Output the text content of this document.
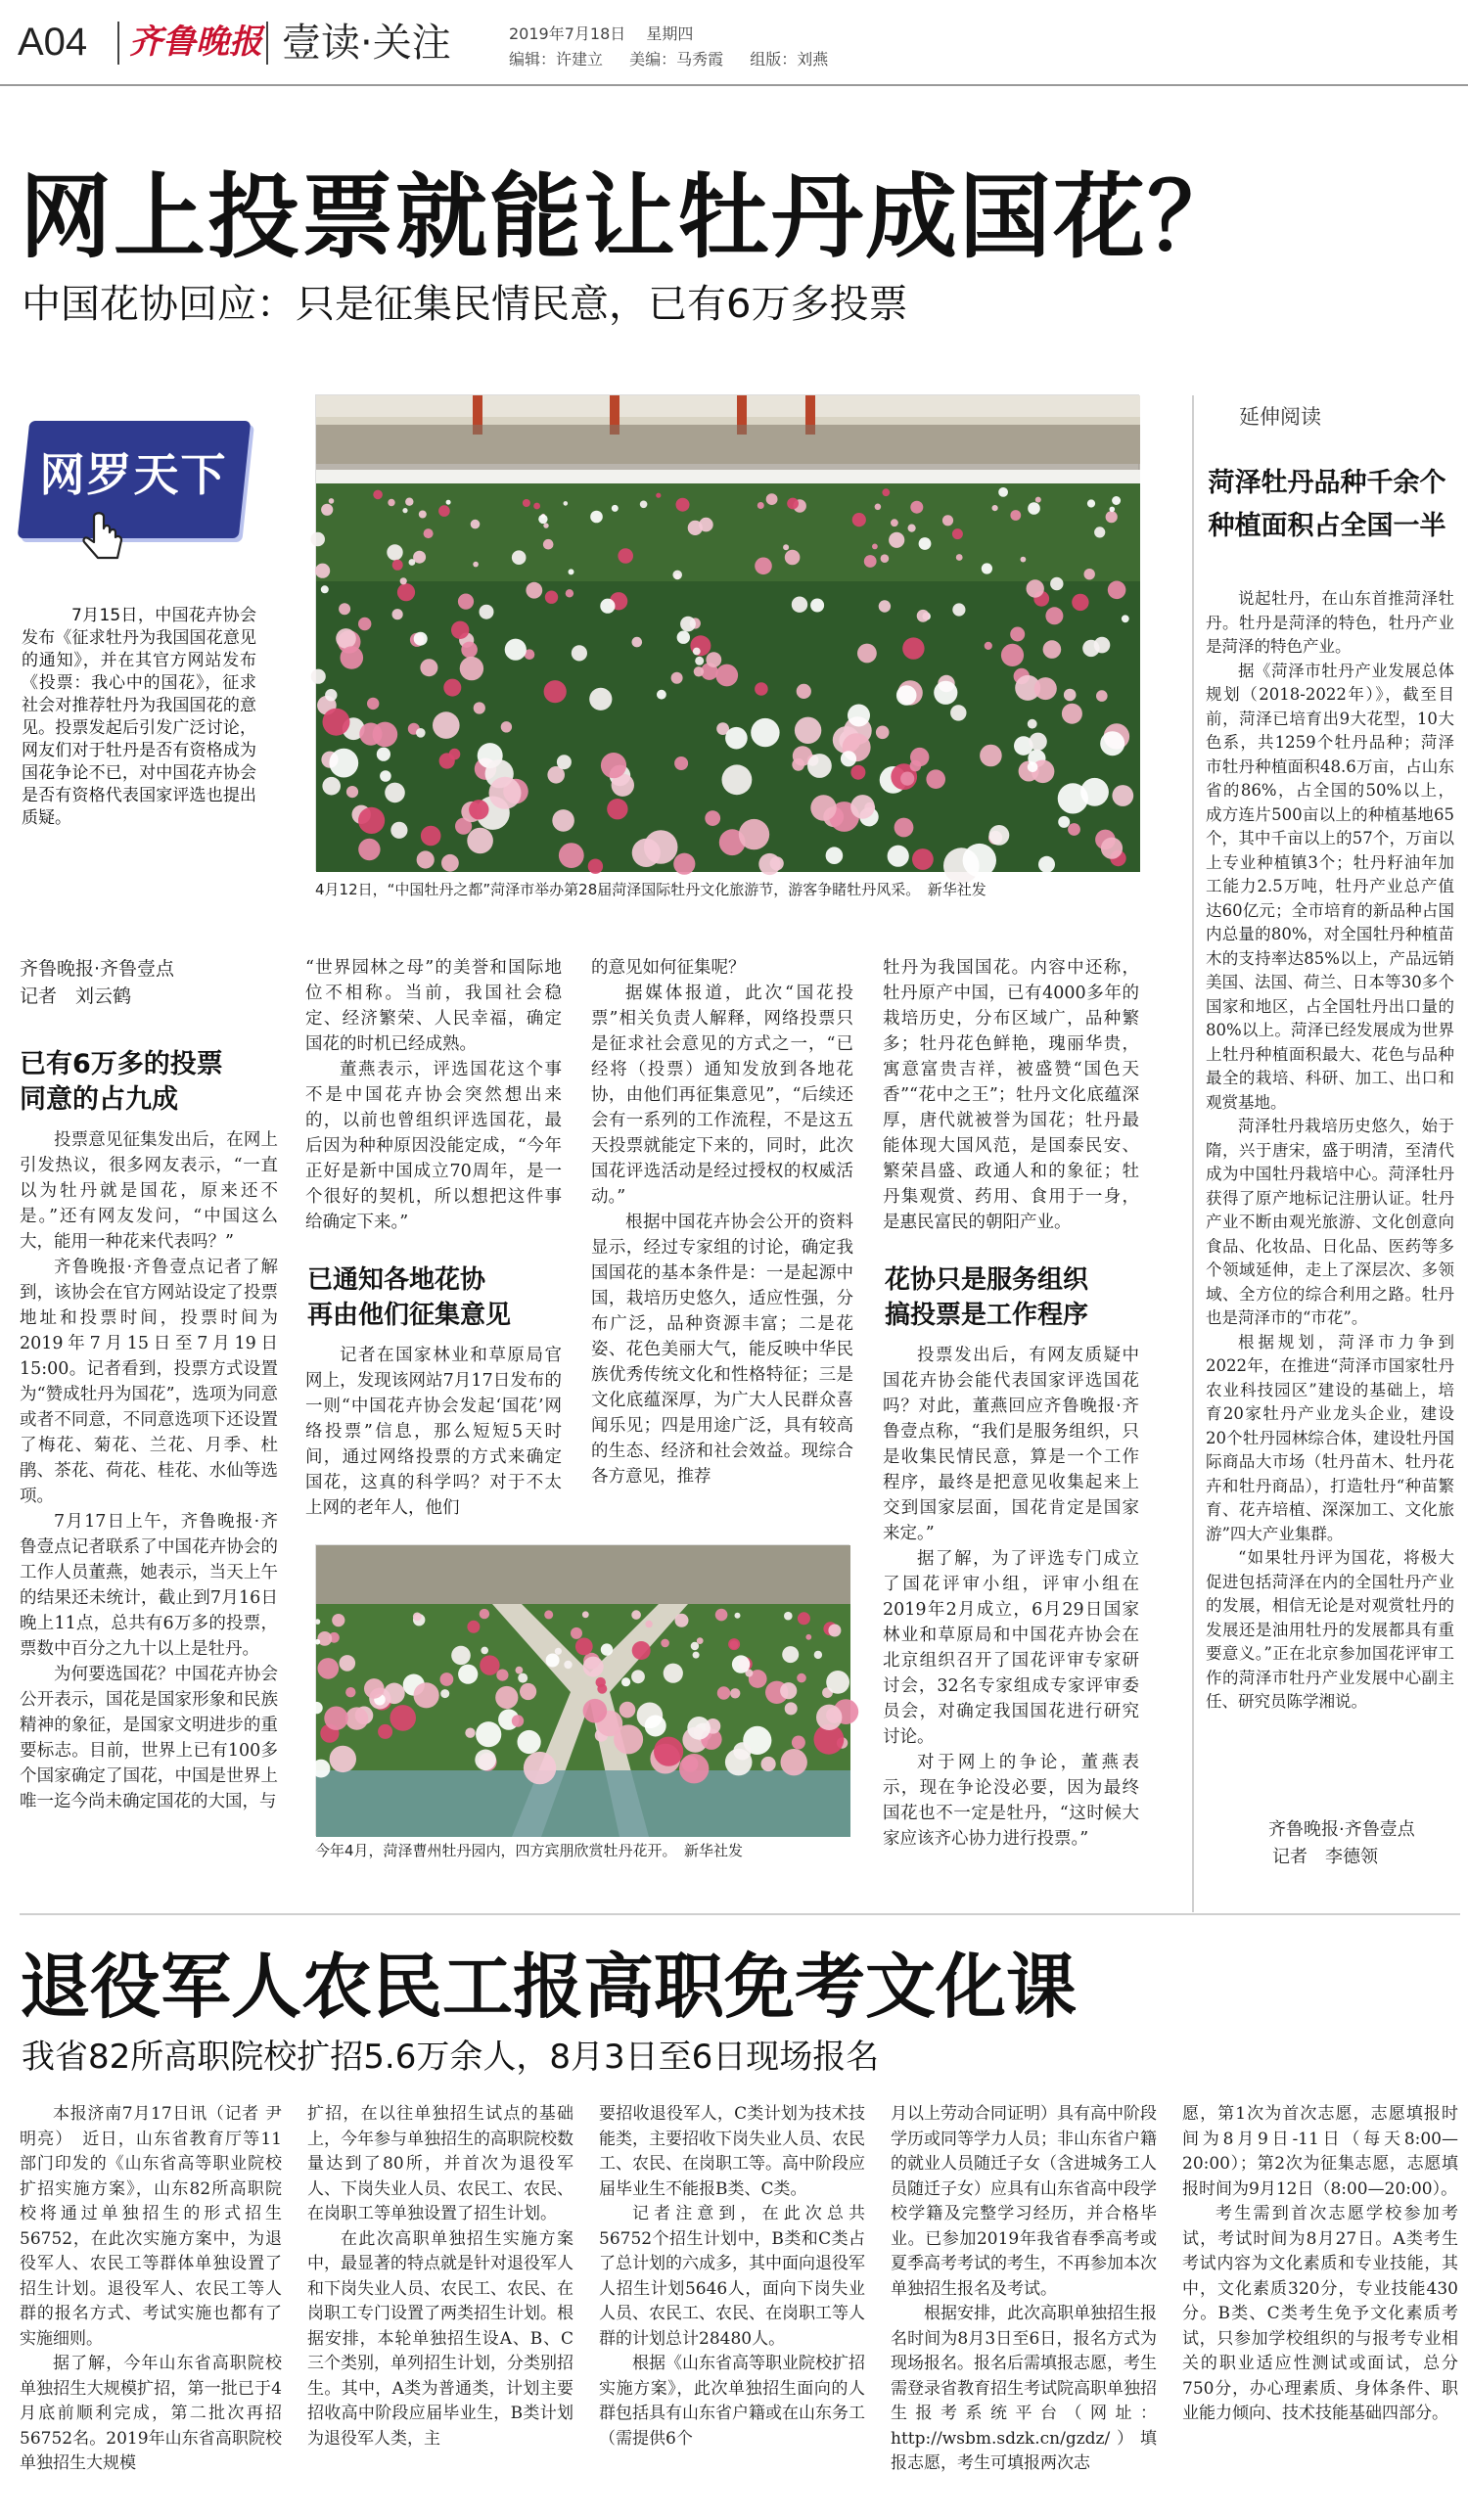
A04 齐鲁晚报 壹读·关注	2019年7月18日 星期四
编辑：许建立 美编：马秀霞 组版：刘燕
网上投票就能让牡丹成国花？
中国花协回应：只是征集民情民意，已有6万多投票
网罗天下
7月15日，中国花卉协会发布《征求牡丹为我国国花意见的通知》，并在其官方网站发布《投票：我心中的国花》，征求社会对推荐牡丹为我国国花的意见。投票发起后引发广泛讨论，网友们对于牡丹是否有资格成为国花争论不已，对中国花卉协会是否有资格代表国家评选也提出质疑。
4月12日，“中国牡丹之都”菏泽市举办第28届菏泽国际牡丹文化旅游节，游客争睹牡丹风采。　新华社发
延伸阅读
菏泽牡丹品种千余个
种植面积占全国一半

说起牡丹，在山东首推菏泽牡丹。牡丹是菏泽的特色，牡丹产业是菏泽的特色产业。

据《菏泽市牡丹产业发展总体规划（2018-2022年）》，截至目前，菏泽已培育出9大花型，10大色系，共1259个牡丹品种；菏泽市牡丹种植面积48.6万亩，占山东省的86%，占全国的50%以上，成方连片500亩以上的种植基地65个，其中千亩以上的57个，万亩以上专业种植镇3个；牡丹籽油年加工能力2.5万吨，牡丹产业总产值达60亿元；全市培育的新品种占国内总量的80%，对全国牡丹种植苗木的支持率达85%以上，产品远销美国、法国、荷兰、日本等30多个国家和地区，占全国牡丹出口量的80%以上。菏泽已经发展成为世界上牡丹种植面积最大、花色与品种最全的栽培、科研、加工、出口和观赏基地。

菏泽牡丹栽培历史悠久，始于隋，兴于唐宋，盛于明清，至清代成为中国牡丹栽培中心。菏泽牡丹获得了原产地标记注册认证。牡丹产业不断由观光旅游、文化创意向食品、化妆品、日化品、医药等多个领域延伸，走上了深层次、多领域、全方位的综合利用之路。牡丹也是菏泽市的“市花”。

根据规划，菏泽市力争到2022年，在推进“菏泽市国家牡丹农业科技园区”建设的基础上，培育20家牡丹产业龙头企业，建设20个牡丹园林综合体，建设牡丹国际商品大市场（牡丹苗木、牡丹花卉和牡丹商品），打造牡丹“种苗繁育、花卉培植、深深加工、文化旅游”四大产业集群。

“如果牡丹评为国花，将极大促进包括菏泽在内的全国牡丹产业的发展，相信无论是对观赏牡丹的发展还是油用牡丹的发展都具有重要意义。”正在北京参加国花评审工作的菏泽市牡丹产业发展中心副主任、研究员陈学湘说。

齐鲁晚报·齐鲁壹点
记者　李德领
齐鲁晚报·齐鲁壹点
记者　刘云鹤
已有6万多的投票
同意的占九成

投票意见征集发出后，在网上引发热议，很多网友表示，“一直以为牡丹就是国花，原来还不是。”还有网友发问，“中国这么大，能用一种花来代表吗？”

齐鲁晚报·齐鲁壹点记者了解到，该协会在官方网站设定了投票地址和投票时间，投票时间为2019年7月15日至7月19日15:00。记者看到，投票方式设置为“赞成牡丹为国花”，选项为同意或者不同意，不同意选项下还设置了梅花、菊花、兰花、月季、杜鹃、茶花、荷花、桂花、水仙等选项。

7月17日上午，齐鲁晚报·齐鲁壹点记者联系了中国花卉协会的工作人员董燕，她表示，当天上午的结果还未统计，截止到7月16日晚上11点，总共有6万多的投票，票数中百分之九十以上是牡丹。

为何要选国花？中国花卉协会公开表示，国花是国家形象和民族精神的象征，是国家文明进步的重要标志。目前，世界上已有100多个国家确定了国花，中国是世界上唯一迄今尚未确定国花的大国，与

“世界园林之母”的美誉和国际地位不相称。当前，我国社会稳定、经济繁荣、人民幸福，确定国花的时机已经成熟。

董燕表示，评选国花这个事不是中国花卉协会突然想出来的，以前也曾组织评选国花，最后因为种种原因没能定成，“今年正好是新中国成立70周年，是一个很好的契机，所以想把这件事给确定下来。”

已通知各地花协
再由他们征集意见

记者在国家林业和草原局官网上，发现该网站7月17日发布的一则“中国花卉协会发起‘国花’网络投票”信息，那么短短5天时间，通过网络投票的方式来确定国花，这真的科学吗？对于不太上网的老年人，他们

的意见如何征集呢？

据媒体报道，此次“国花投票”相关负责人解释，网络投票只是征求社会意见的方式之一，“已经将（投票）通知发放到各地花协，由他们再征集意见”，“后续还会有一系列的工作流程，不是这五天投票就能定下来的，同时，此次国花评选活动是经过授权的权威活动。”

根据中国花卉协会公开的资料显示，经过专家组的讨论，确定我国国花的基本条件是：一是起源中国，栽培历史悠久，适应性强，分布广泛，品种资源丰富；二是花姿、花色美丽大气，能反映中华民族优秀传统文化和性格特征；三是文化底蕴深厚，为广大人民群众喜闻乐见；四是用途广泛，具有较高的生态、经济和社会效益。现综合各方意见，推荐

牡丹为我国国花。内容中还称，牡丹原产中国，已有4000多年的栽培历史，分布区域广，品种繁多；牡丹花色鲜艳，瑰丽华贵，寓意富贵吉祥，被盛赞“国色天香”“花中之王”；牡丹文化底蕴深厚，唐代就被誉为国花；牡丹最能体现大国风范，是国泰民安、繁荣昌盛、政通人和的象征；牡丹集观赏、药用、食用于一身，是惠民富民的朝阳产业。

花协只是服务组织
搞投票是工作程序

投票发出后，有网友质疑中国花卉协会能代表国家评选国花吗？对此，董燕回应齐鲁晚报·齐鲁壹点称，“我们是服务组织，只是收集民情民意，算是一个工作程序，最终是把意见收集起来上交到国家层面，国花肯定是国家来定。”

据了解，为了评选专门成立了国花评审小组，评审小组在2019年2月成立，6月29日国家林业和草原局和中国花卉协会在北京组织召开了国花评审专家研讨会，32名专家组成专家评审委员会，对确定我国国花进行研究讨论。

对于网上的争论，董燕表示，现在争论没必要，因为最终国花也不一定是牡丹，“这时候大家应该齐心协力进行投票。”

今年4月，菏泽曹州牡丹园内，四方宾朋欣赏牡丹花开。　新华社发
退役军人农民工报高职免考文化课
我省82所高职院校扩招5.6万余人，8月3日至6日现场报名

本报济南7月17日讯（记者 尹明亮）　近日，山东省教育厅等11部门印发的《山东省高等职业院校扩招实施方案》，山东82所高职院校将通过单独招生的形式招生56752，在此次实施方案中，为退役军人、农民工等群体单独设置了招生计划。退役军人、农民工等人群的报名方式、考试实施也都有了实施细则。

据了解，今年山东省高职院校单独招生大规模扩招，第一批已于4月底前顺利完成，第二批次再招56752名。2019年山东省高职院校单独招生大规模

扩招，在以往单独招生试点的基础上，今年参与单独招生的高职院校数量达到了80所，并首次为退役军人、下岗失业人员、农民工、农民、在岗职工等单独设置了招生计划。

在此次高职单独招生实施方案中，最显著的特点就是针对退役军人和下岗失业人员、农民工、农民、在岗职工专门设置了两类招生计划。根据安排，本轮单独招生设A、B、C三个类别，单列招生计划，分类别招生。其中，A类为普通类，计划主要招收高中阶段应届毕业生，B类计划为退役军人类，主

要招收退役军人，C类计划为技术技能类，主要招收下岗失业人员、农民工、农民、在岗职工等。高中阶段应届毕业生不能报B类、C类。

记者注意到，在此次总共56752个招生计划中，B类和C类占了总计划的六成多，其中面向退役军人招生计划5646人，面向下岗失业人员、农民工、农民、在岗职工等人群的计划总计28480人。

根据《山东省高等职业院校扩招实施方案》，此次单独招生面向的人群包括具有山东省户籍或在山东务工（需提供6个

月以上劳动合同证明）具有高中阶段学历或同等学力人员；非山东省户籍的就业人员随迁子女（含进城务工人员随迁子女）应具有山东省高中段学校学籍及完整学习经历，并合格毕业。已参加2019年我省春季高考或夏季高考考试的考生，不再参加本次单独招生报名及考试。

根据安排，此次高职单独招生报名时间为8月3日至6日，报名方式为现场报名。报名后需填报志愿，考生需登录省教育招生考试院高职单独招生报考系统平台（网址：http://wsbm.sdzk.cn/gzdz/）填报志愿，考生可填报两次志

愿，第1次为首次志愿，志愿填报时间为8月9日-11日（每天8:00—20:00）；第2次为征集志愿，志愿填报时间为9月12日（8:00—20:00）。

考生需到首次志愿学校参加考试，考试时间为8月27日。A类考生考试内容为文化素质和专业技能，其中，文化素质320分，专业技能430分。B类、C类考生免予文化素质考试，只参加学校组织的与报考专业相关的职业适应性测试或面试，总分750分，办心理素质、身体条件、职业能力倾向、技术技能基础四部分。
